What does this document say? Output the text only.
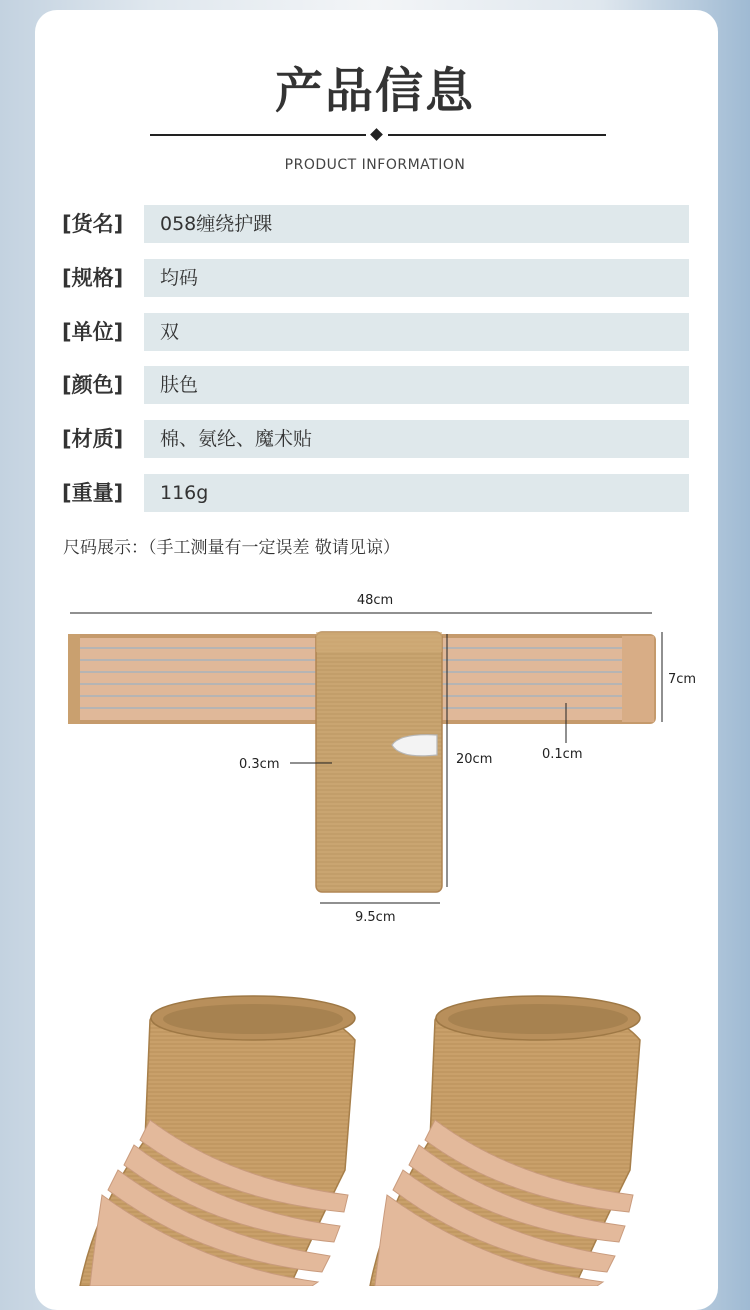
产品信息
PRODUCT INFORMATION
[货名]	058缠绕护踝
[规格]	均码
[单位]	双
[颜色]	肤色
[材质]	棉、氨纶、魔术贴
[重量]	116g
尺码展示：（手工测量有一定误差 敬请见谅）
48cm
7cm
0.3cm	20cm	0.1cm
9.5cm
